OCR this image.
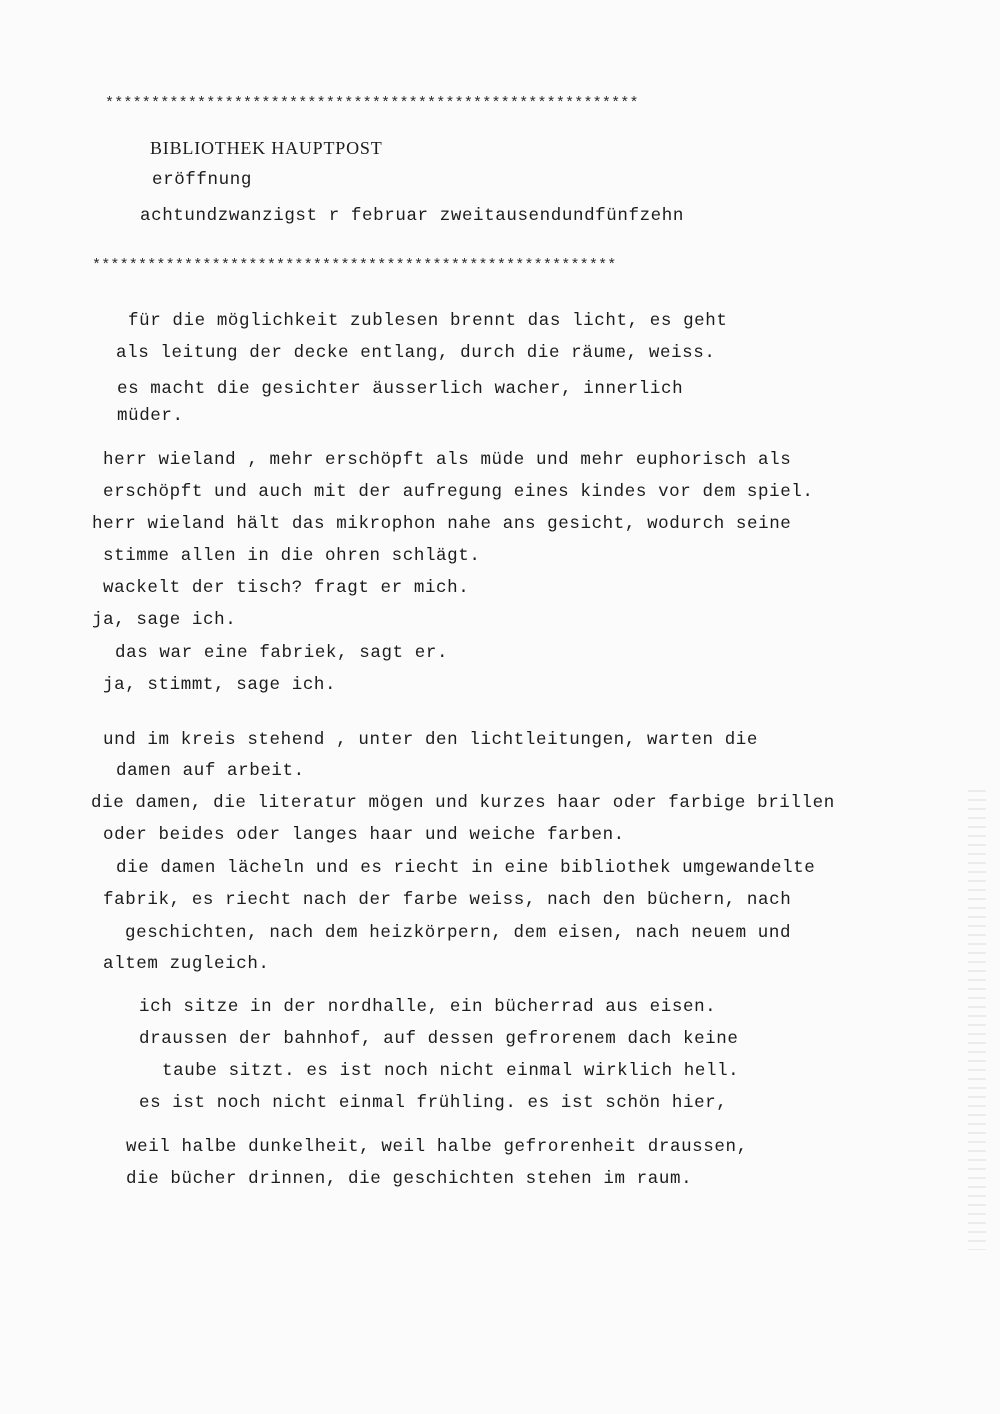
**********************************************************
BIBLIOTHEK HAUPTPOST
eröffnung
achtundzwanzigst r februar zweitausendundfünfzehn
*********************************************************
für die möglichkeit zublesen brennt das licht, es geht
als leitung der decke entlang, durch die räume, weiss.
es macht die gesichter äusserlich wacher, innerlich
müder.
herr wieland , mehr erschöpft als müde und mehr euphorisch als
erschöpft und auch mit der aufregung eines kindes vor dem spiel.
herr wieland hält das mikrophon nahe ans gesicht, wodurch seine
stimme allen in die ohren schlägt.
wackelt der tisch? fragt er mich.
ja, sage ich.
das war eine fabriek, sagt er.
ja, stimmt, sage ich.
und im kreis stehend , unter den lichtleitungen, warten die
damen auf arbeit.
die damen, die literatur mögen und kurzes haar oder farbige brillen
oder beides oder langes haar und weiche farben.
die damen lächeln und es riecht in eine bibliothek umgewandelte
fabrik, es riecht nach der farbe weiss, nach den büchern, nach
geschichten, nach dem heizkörpern, dem eisen, nach neuem und
altem zugleich.
ich sitze in der nordhalle, ein bücherrad aus eisen.
draussen der bahnhof, auf dessen gefrorenem dach keine
taube sitzt. es ist noch nicht einmal wirklich hell.
es ist noch nicht einmal frühling. es ist schön hier,
weil halbe dunkelheit, weil halbe gefrorenheit draussen,
die bücher drinnen, die geschichten stehen im raum.
